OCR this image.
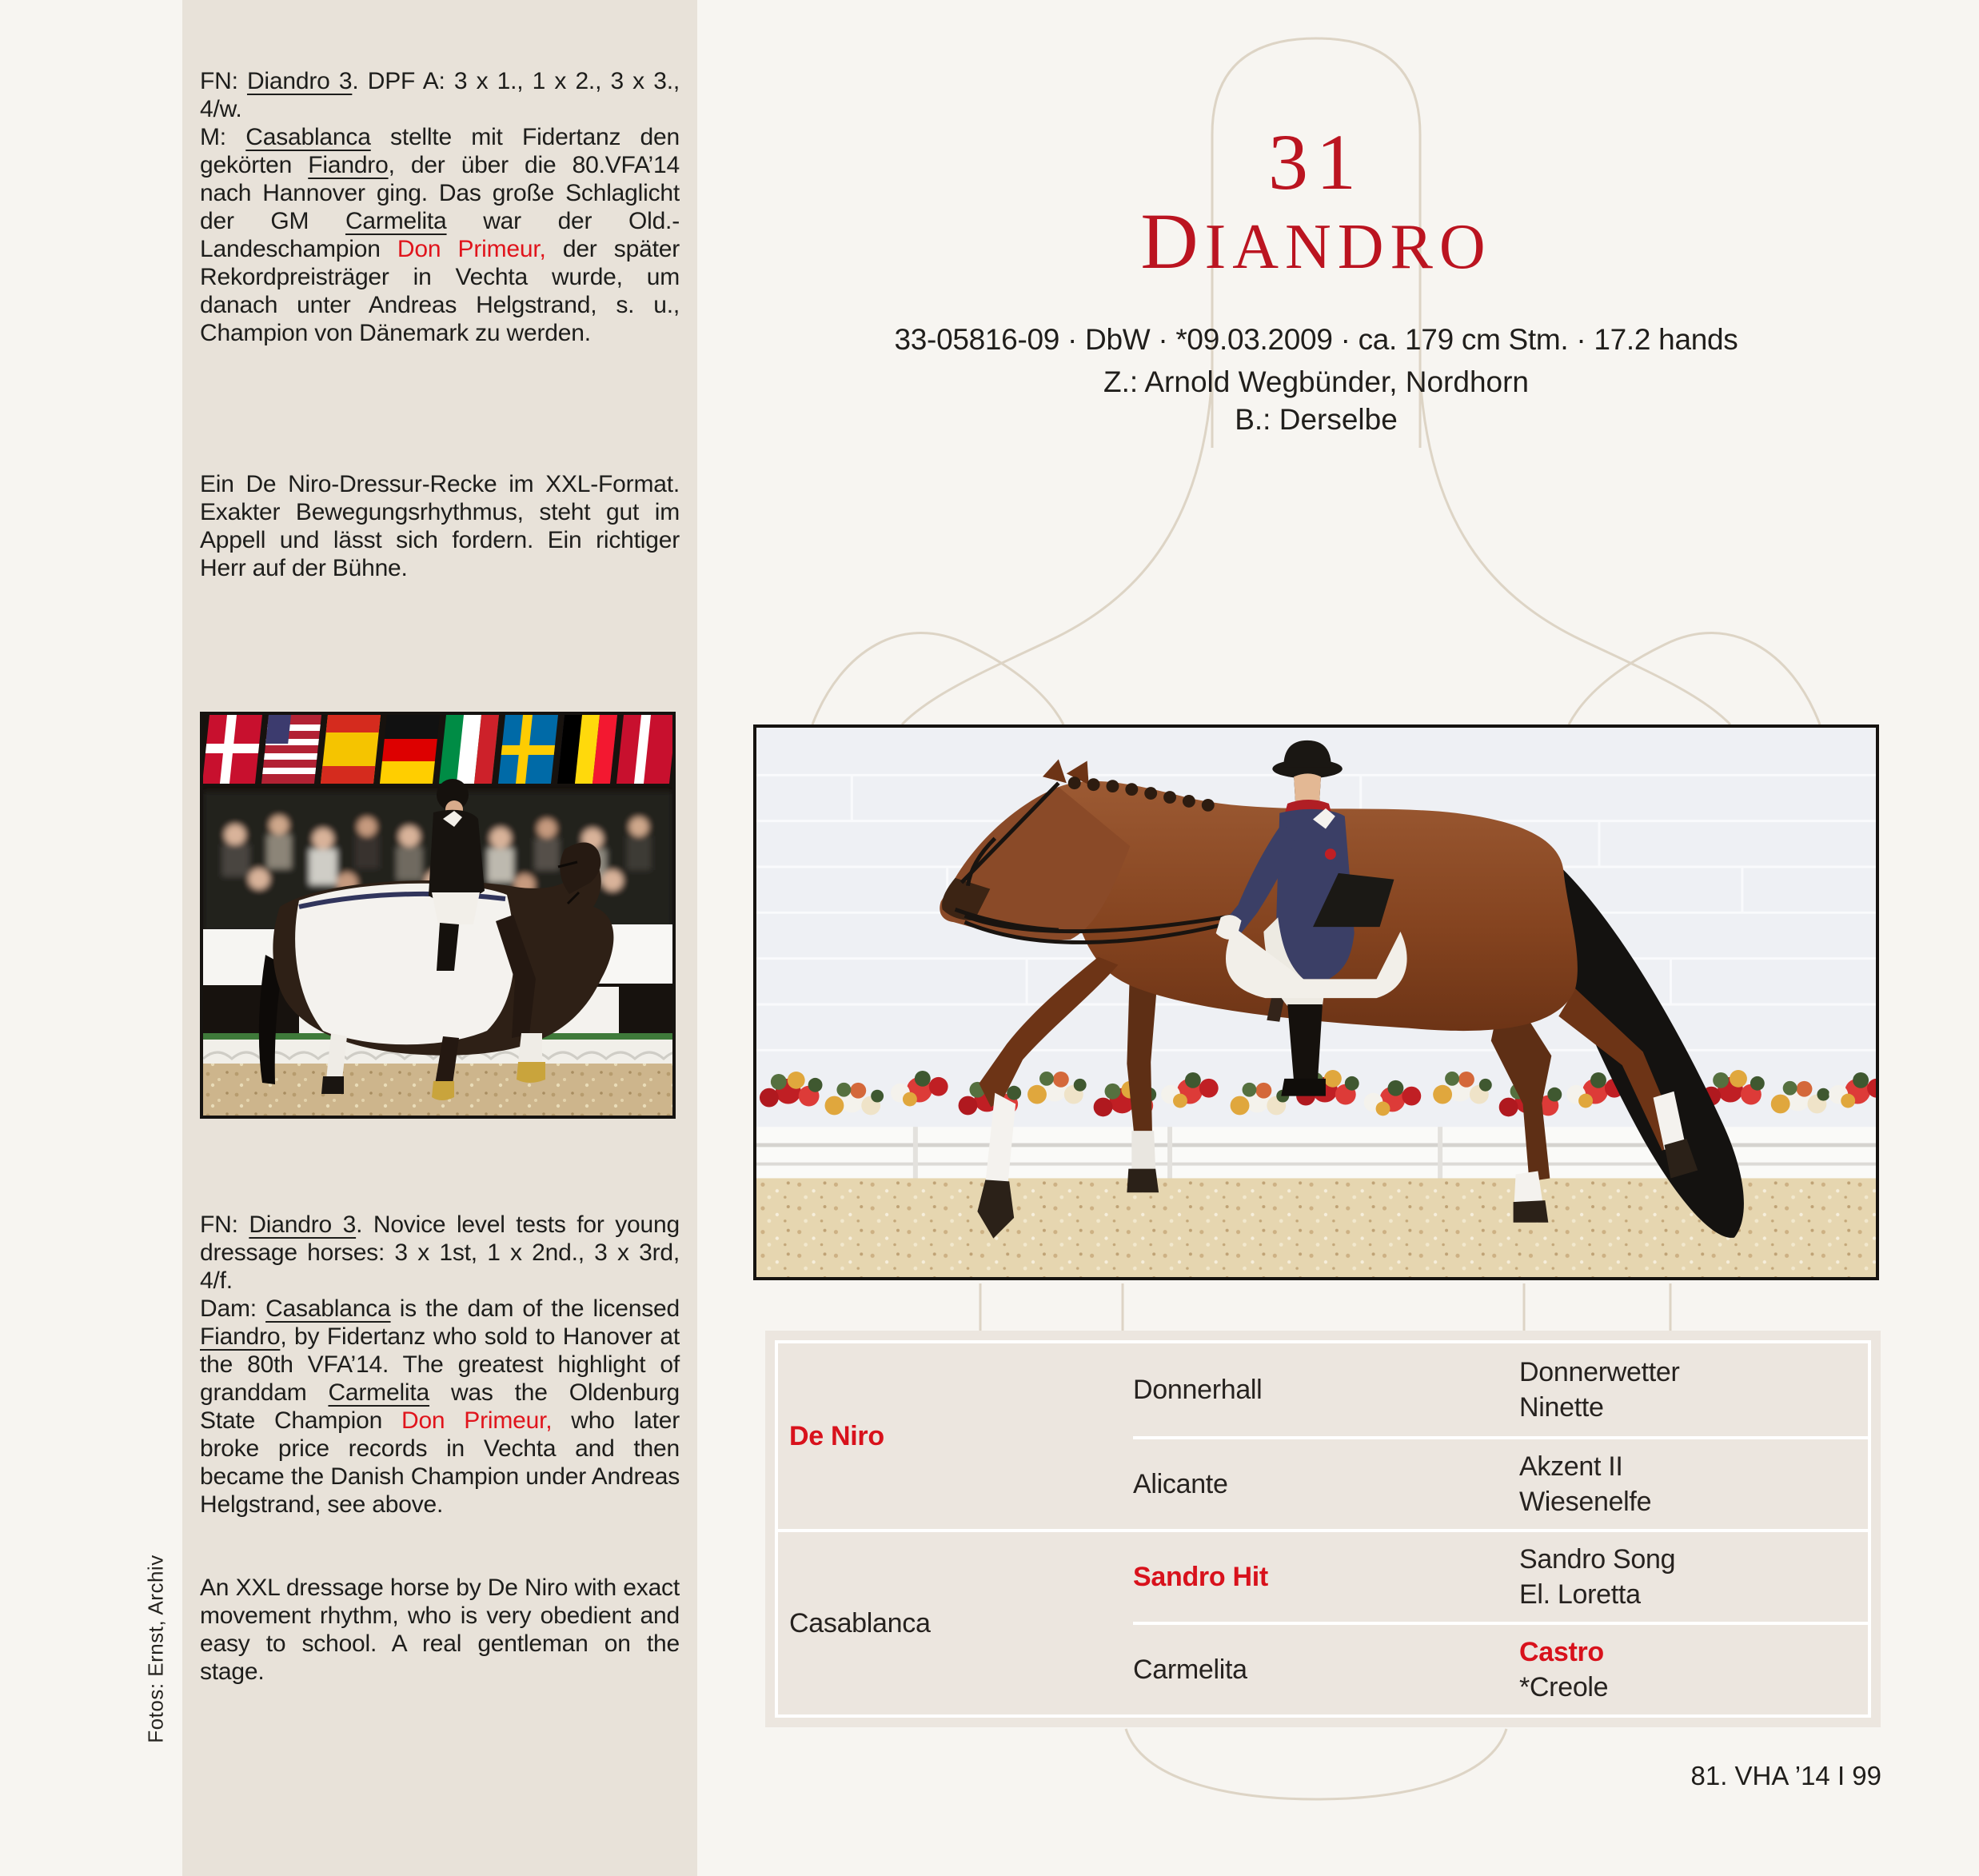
FN: Diandro 3. DPF A: 3 x 1., 1 x 2., 3 x 3., 4/w.
M: Casablanca stellte mit Fidertanz den gekörten Fiandro, der über die 80.VFA’14 nach Hannover ging. Das große Schlaglicht der GM Carmelita war der Old.-Landeschampion Don Primeur, der später Rekordpreisträger in Vechta wurde, um danach unter Andreas Helgstrand, s. u., Champion von Dänemark zu werden.
Ein De Niro-Dressur-Recke im XXL-Format. Exakter Bewegungsrhythmus, steht gut im Appell und lässt sich fordern. Ein richtiger Herr auf der Bühne.
FN: Diandro 3. Novice level tests for young dressage horses: 3 x 1st, 1 x 2nd., 3 x 3rd, 4/f.
Dam: Casablanca is the dam of the licensed Fiandro, by Fidertanz who sold to Hanover at the 80th VFA’14. The greatest highlight of granddam Carmelita was the Oldenburg State Champion Don Primeur, who later broke price records in Vechta and then became the Danish Champion under Andreas Helgstrand, see above.
An XXL dressage horse by De Niro with exact movement rhythm, who is very obedient and easy to school. A real gentleman on the stage.
Fotos: Ernst, Archiv
31
DIANDRO
33-05816-09 · DbW · *09.03.2009 · ca. 179 cm Stm. · 17.2 hands
Z.: Arnold Wegbünder, Nordhorn
B.: Derselbe
De Niro
Donnerhall
Donnerwetter
Ninette
Alicante
Akzent II
Wiesenelfe
Casablanca
Sandro Hit
Sandro Song
El. Loretta
Carmelita
Castro
*Creole
81. VHA ’14 I 99
